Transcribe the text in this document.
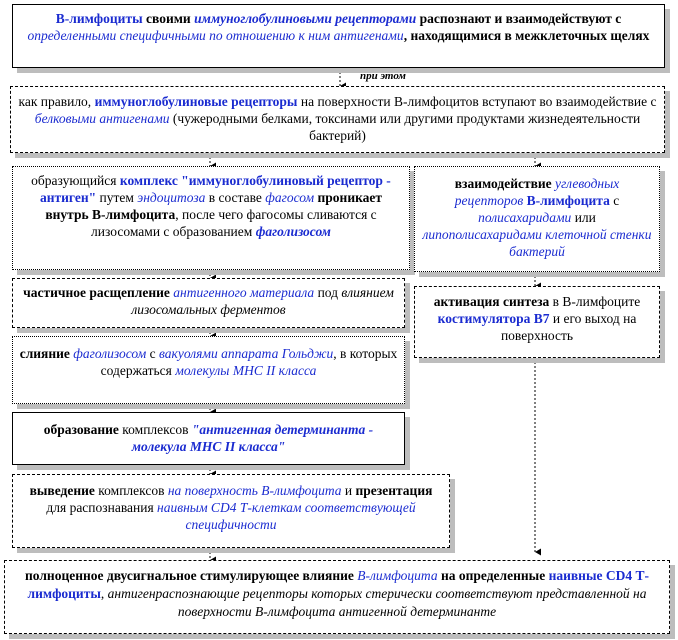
В-лимфоциты своими иммуноглобулиновыми рецепторами распознают и взаимодействуют с определенными специфичными по отношению к ним антигенами, находящимися в межклеточных щелях
при этом
как правило, иммуноглобулиновые рецепторы на поверхности В-лимфоцитов вступают во взаимодействие с белковыми антигенами (чужеродными белками, токсинами или другими продуктами жизнедеятельности бактерий)
образующийся комплекс "иммуноглобулиновый рецептор - антиген" путем эндоцитоза в составе фагосом проникает внутрь В-лимфоцита, после чего фагосомы сливаются с лизосомами с образованием фаголизосом
взаимодействие углеводных рецепторов В-лимфоцита с полисахаридами или липополисахаридами клеточной стенки бактерий
частичное расщепление антигенного материала под влиянием лизосомальных ферментов
активация синтеза в В-лимфоците костимулятора В7 и его выход на поверхность
слияние фаголизосом с вакуолями аппарата Гольджи, в которых содержаться молекулы МНС II класса
образование комплексов "антигенная детерминанта - молекула МНС II класса"
выведение комплексов на поверхность В-лимфоцита и презентация для распознавания наивным CD4 Т-клеткам соответствующей специфичности
полноценное двусигнальное стимулирующее влияние В-лимфоцита на определенные наивные CD4 Т-лимфоциты, антигенраспознающие рецепторы которых стерически соответствуют представленной на поверхности В-лимфоцита антигенной детерминанте
